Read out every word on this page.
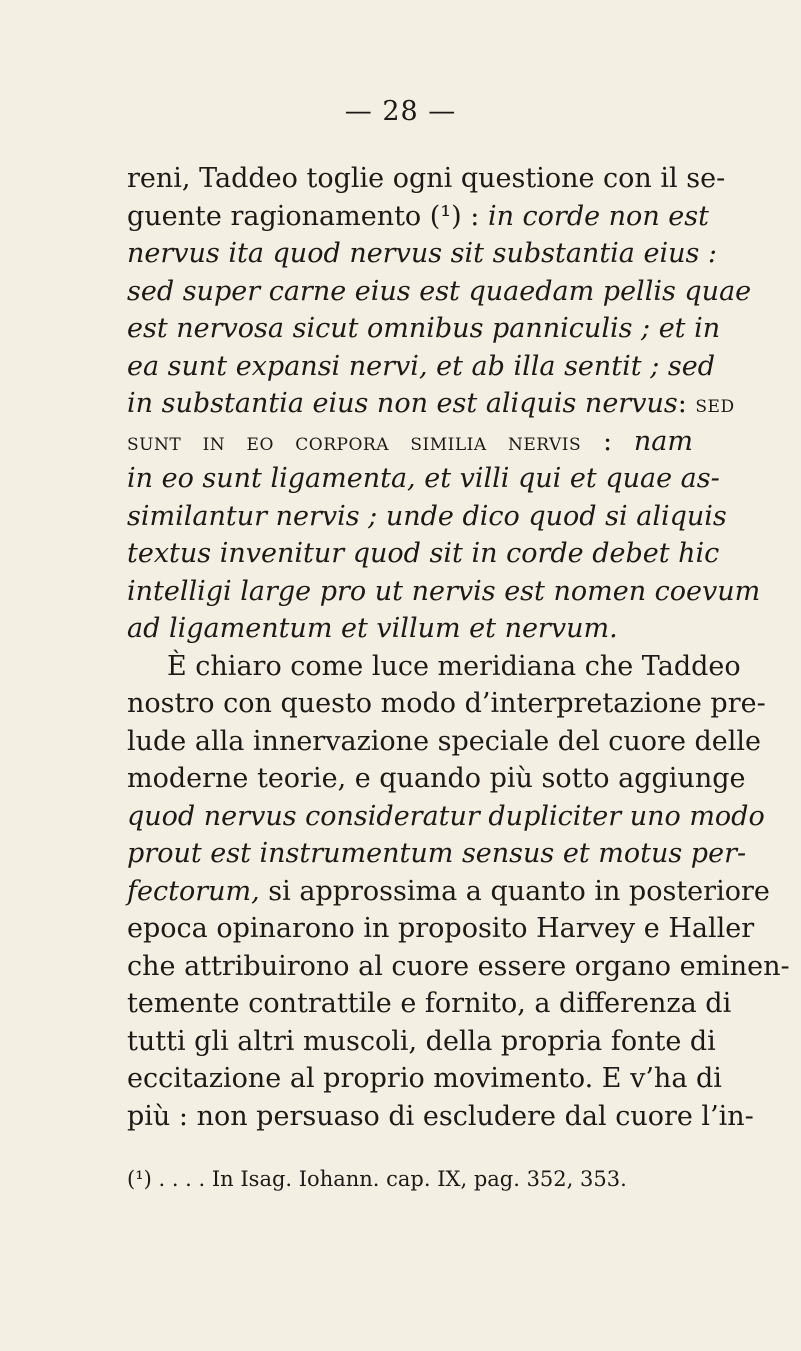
— 28 —
reni, Taddeo toglie ogni questione con il se-
guente ragionamento (¹) : in corde non est
nervus ita quod nervus sit substantia eius :
sed super carne eius est quaedam pellis quae
est nervosa sicut omnibus panniculis ; et in
ea sunt expansi nervi, et ab illa sentit ; sed
in substantia eius non est aliquis nervus: sed
sunt in eo corpora similia nervis : nam
in eo sunt ligamenta, et villi qui et quae as-
similantur nervis ; unde dico quod si aliquis
textus invenitur quod sit in corde debet hic
intelligi large pro ut nervis est nomen coevum
ad ligamentum et villum et nervum.
È chiaro come luce meridiana che Taddeo
nostro con questo modo d’interpretazione pre-
lude alla innervazione speciale del cuore delle
moderne teorie, e quando più sotto aggiunge
quod nervus consideratur dupliciter uno modo
prout est instrumentum sensus et motus per-
fectorum, si approssima a quanto in posteriore
epoca opinarono in proposito Harvey e Haller
che attribuirono al cuore essere organo eminen-
temente contrattile e fornito, a differenza di
tutti gli altri muscoli, della propria fonte di
eccitazione al proprio movimento. E v’ha di
più : non persuaso di escludere dal cuore l’in-
(¹) . . . . In Isag. Iohann. cap. IX, pag. 352, 353.
